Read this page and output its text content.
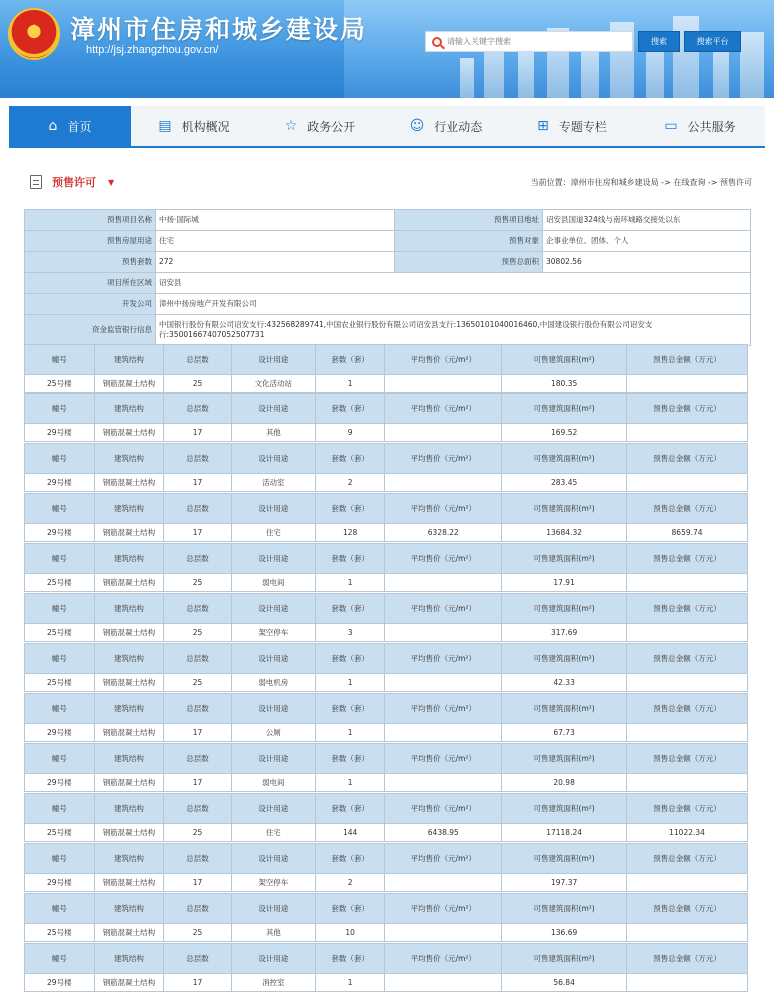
★ 漳州市住房和城乡建设局
http://jsj.zhangzhou.gov.cn/
请输入关键字搜索
搜索	搜索平台
⌂ 首页	▤ 机构概况	☆ 政务公开	☺ 行业动态	⊞ 专题专栏	▭ 公共服务
预售许可 ▼	当前位置：漳州市住房和城乡建设局 -> 在线查询 -> 预售许可
预售项目名称	中扬·国际城	预售项目地址	诏安县国道324线与南环城路交接处以东
预售房屋用途	住宅	预售对象	企事业单位、团体、个人
预售套数	272	预售总面积	30802.56
项目所在区域	诏安县		
开发公司	漳州中扬房地产开发有限公司		
资金监管银行信息	中国银行股份有限公司诏安支行:432568289741,中国农业银行股份有限公司诏安县支行:13650101040016460,中国建设银行股份有限公司诏安支行:35001667407052507731		
幢号	建筑结构	总层数	设计用途	套数（套）	平均售价（元/m²）	可售建筑面积(m²)	预售总金额（万元）
25号楼	钢筋混凝土结构	25	文化活动站	1		180.35	
幢号	建筑结构	总层数	设计用途	套数（套）	平均售价（元/m²）	可售建筑面积(m²)	预售总金额（万元）
29号楼	钢筋混凝土结构	17	其他	9		169.52	
幢号	建筑结构	总层数	设计用途	套数（套）	平均售价（元/m²）	可售建筑面积(m²)	预售总金额（万元）
29号楼	钢筋混凝土结构	17	活动室	2		283.45	
幢号	建筑结构	总层数	设计用途	套数（套）	平均售价（元/m²）	可售建筑面积(m²)	预售总金额（万元）
29号楼	钢筋混凝土结构	17	住宅	128	6328.22	13684.32	8659.74
幢号	建筑结构	总层数	设计用途	套数（套）	平均售价（元/m²）	可售建筑面积(m²)	预售总金额（万元）
25号楼	钢筋混凝土结构	25	弱电间	1		17.91	
幢号	建筑结构	总层数	设计用途	套数（套）	平均售价（元/m²）	可售建筑面积(m²)	预售总金额（万元）
25号楼	钢筋混凝土结构	25	架空停车	3		317.69	
幢号	建筑结构	总层数	设计用途	套数（套）	平均售价（元/m²）	可售建筑面积(m²)	预售总金额（万元）
25号楼	钢筋混凝土结构	25	弱电机房	1		42.33	
幢号	建筑结构	总层数	设计用途	套数（套）	平均售价（元/m²）	可售建筑面积(m²)	预售总金额（万元）
29号楼	钢筋混凝土结构	17	公厕	1		67.73	
幢号	建筑结构	总层数	设计用途	套数（套）	平均售价（元/m²）	可售建筑面积(m²)	预售总金额（万元）
29号楼	钢筋混凝土结构	17	弱电间	1		20.98	
幢号	建筑结构	总层数	设计用途	套数（套）	平均售价（元/m²）	可售建筑面积(m²)	预售总金额（万元）
25号楼	钢筋混凝土结构	25	住宅	144	6438.95	17118.24	11022.34
幢号	建筑结构	总层数	设计用途	套数（套）	平均售价（元/m²）	可售建筑面积(m²)	预售总金额（万元）
29号楼	钢筋混凝土结构	17	架空停车	2		197.37	
幢号	建筑结构	总层数	设计用途	套数（套）	平均售价（元/m²）	可售建筑面积(m²)	预售总金额（万元）
25号楼	钢筋混凝土结构	25	其他	10		136.69	
幢号	建筑结构	总层数	设计用途	套数（套）	平均售价（元/m²）	可售建筑面积(m²)	预售总金额（万元）
29号楼	钢筋混凝土结构	17	消控室	1		56.84	
